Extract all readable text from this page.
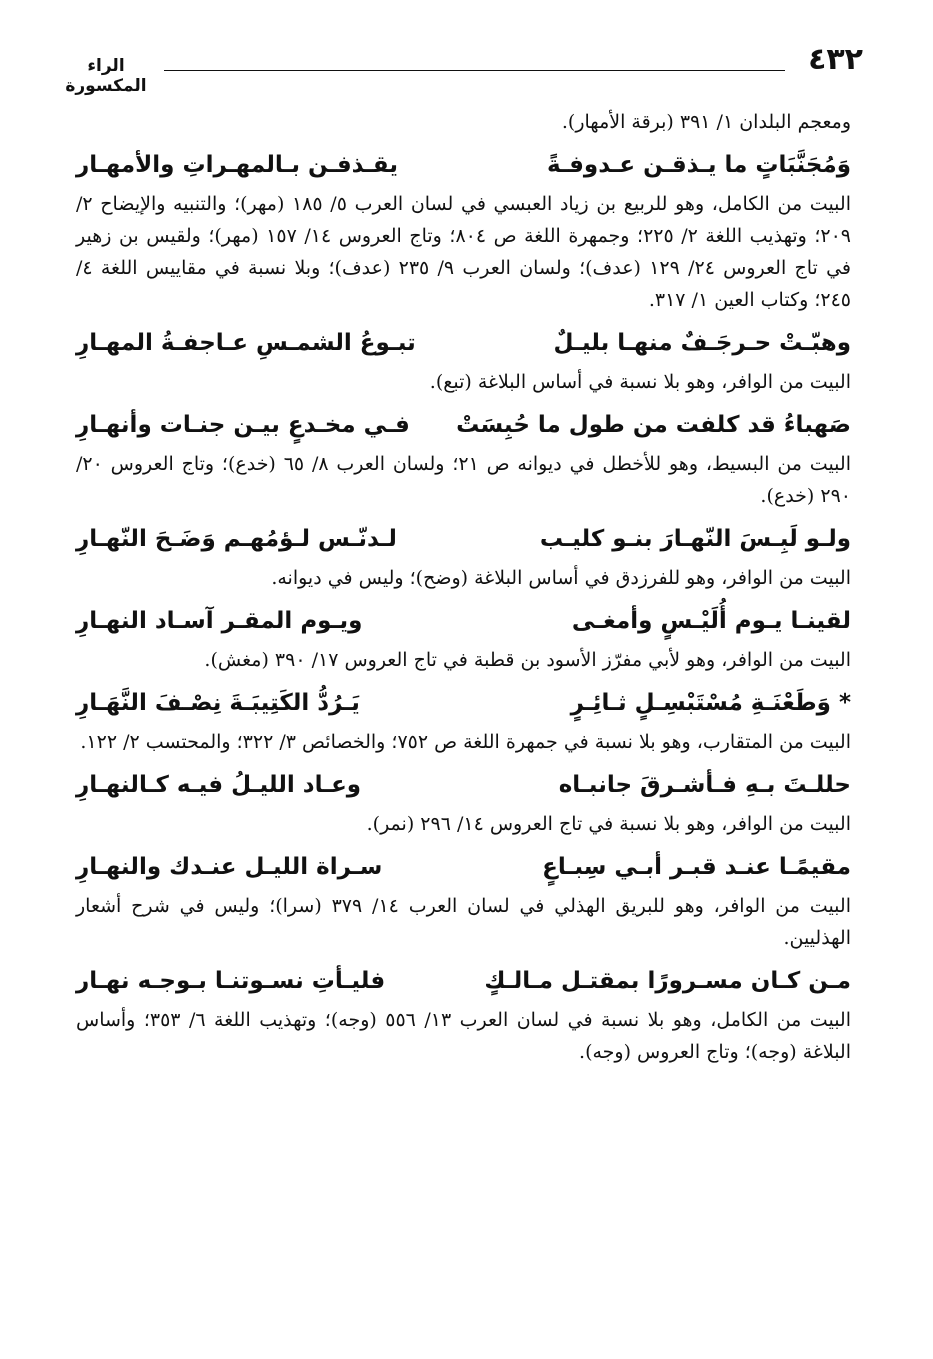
٤٣٢
الراء المكسورة

ومعجم البلدان ١/ ٣٩١ (برقة الأمهار).

وَمُجَنَّبَاتٍ ما يـذقـن عـدوفـةً
يقـذفـن بـالمهـراتِ والأمهـار

البيت من الكامل، وهو للربيع بن زياد العبسي في لسان العرب ٥/ ١٨٥ (مهر)؛ والتنبيه والإيضاح ٢/ ٢٠٩؛ وتهذيب اللغة ٢/ ٢٢٥؛ وجمهرة اللغة ص ٨٠٤؛ وتاج العروس ١٤/ ١٥٧ (مهر)؛ ولقيس بن زهير في تاج العروس ٢٤/ ١٢٩ (عدف)؛ ولسان العرب ٩/ ٢٣٥ (عدف)؛ وبلا نسبة في مقاييس اللغة ٤/ ٢٤٥؛ وكتاب العين ١/ ٣١٧.

وهبّـتْ حـرجَـفٌ منهـا بليـلٌ
تبـوعُ الشمـسِ عـاجفـةُ المهـارِ

البيت من الوافر، وهو بلا نسبة في أساس البلاغة (تبع).

صَهباءُ قد كلفت من طول ما حُبِسَتْ
فـي مخـدعٍ بيـن جنـات وأنهـارِ

البيت من البسيط، وهو للأخطل في ديوانه ص ٢١؛ ولسان العرب ٨/ ٦٥ (خدع)؛ وتاج العروس ٢٠/ ٢٩٠ (خدع).

ولـو لَبِـسَ النّهـارَ بنـو كليـب
لـدنّـس لـؤمُهـم وَضَـحَ النّهـارِ

البيت من الوافر، وهو للفرزدق في أساس البلاغة (وضح)؛ وليس في ديوانه.

لقينـا يـوم أُلَيْـسٍ وأمغـى
ويـوم المقـر آسـاد النهـارِ

البيت من الوافر، وهو لأبي مفرّز الأسود بن قطبة في تاج العروس ١٧/ ٣٩٠ (مغش).

* وَطَعْنَـةِ مُسْتَبْسِـلٍ ثـائِـرٍ
يَـرُدُّ الكَتِيبَـةَ نِصْـفَ النَّهَـارِ

البيت من المتقارب، وهو بلا نسبة في جمهرة اللغة ص ٧٥٢؛ والخصائص ٣/ ٣٢٢؛ والمحتسب ٢/ ١٢٢.

حللـتَ بـهِ فـأشـرقَ جانبـاه
وعـاد الليـلُ فيـه كـالنهـارِ

البيت من الوافر، وهو بلا نسبة في تاج العروس ١٤/ ٢٩٦ (نمر).

مقيمًـا عنـد قبـر أبـي سِبـاعٍ
سـراة الليـل عنـدك والنهـارِ

البيت من الوافر، وهو للبريق الهذلي في لسان العرب ١٤/ ٣٧٩ (سرا)؛ وليس في شرح أشعار الهذليين.

مـن كـان مسـرورًا بمقتـل مـالـكٍ
فليـأتِ نسـوتنـا بـوجـه نهـار

البيت من الكامل، وهو بلا نسبة في لسان العرب ١٣/ ٥٥٦ (وجه)؛ وتهذيب اللغة ٦/ ٣٥٣؛ وأساس البلاغة (وجه)؛ وتاج العروس (وجه).
